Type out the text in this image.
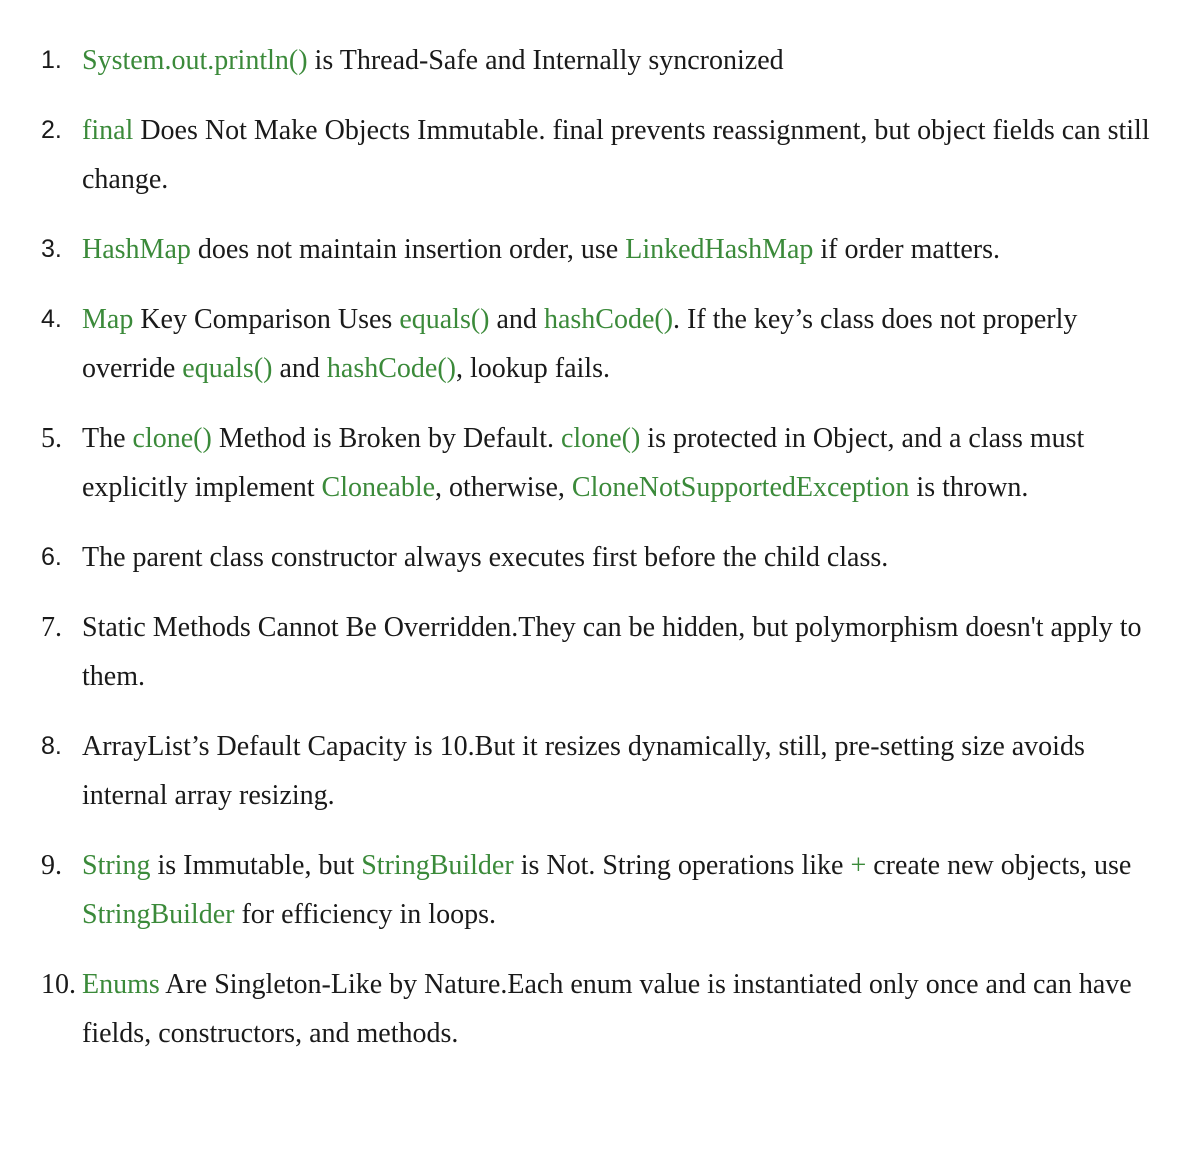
1. System.out.println() is Thread-Safe and Internally syncronized
2. final Does Not Make Objects Immutable. final prevents reassignment, but object fields can still change.
3. HashMap does not maintain insertion order, use LinkedHashMap if order matters.
4. Map Key Comparison Uses equals() and hashCode(). If the key’s class does not properly override equals() and hashCode(), lookup fails.
5. The clone() Method is Broken by Default. clone() is protected in Object, and a class must explicitly implement Cloneable, otherwise, CloneNotSupportedException is thrown.
6. The parent class constructor always executes first before the child class.
7. Static Methods Cannot Be Overridden.They can be hidden, but polymorphism doesn't apply to them.
8. ArrayList’s Default Capacity is 10.But it resizes dynamically, still, pre-setting size avoids internal array resizing.
9. String is Immutable, but StringBuilder is Not. String operations like + create new objects, use StringBuilder for efficiency in loops.
10. Enums Are Singleton-Like by Nature.Each enum value is instantiated only once and can have fields, constructors, and methods.
